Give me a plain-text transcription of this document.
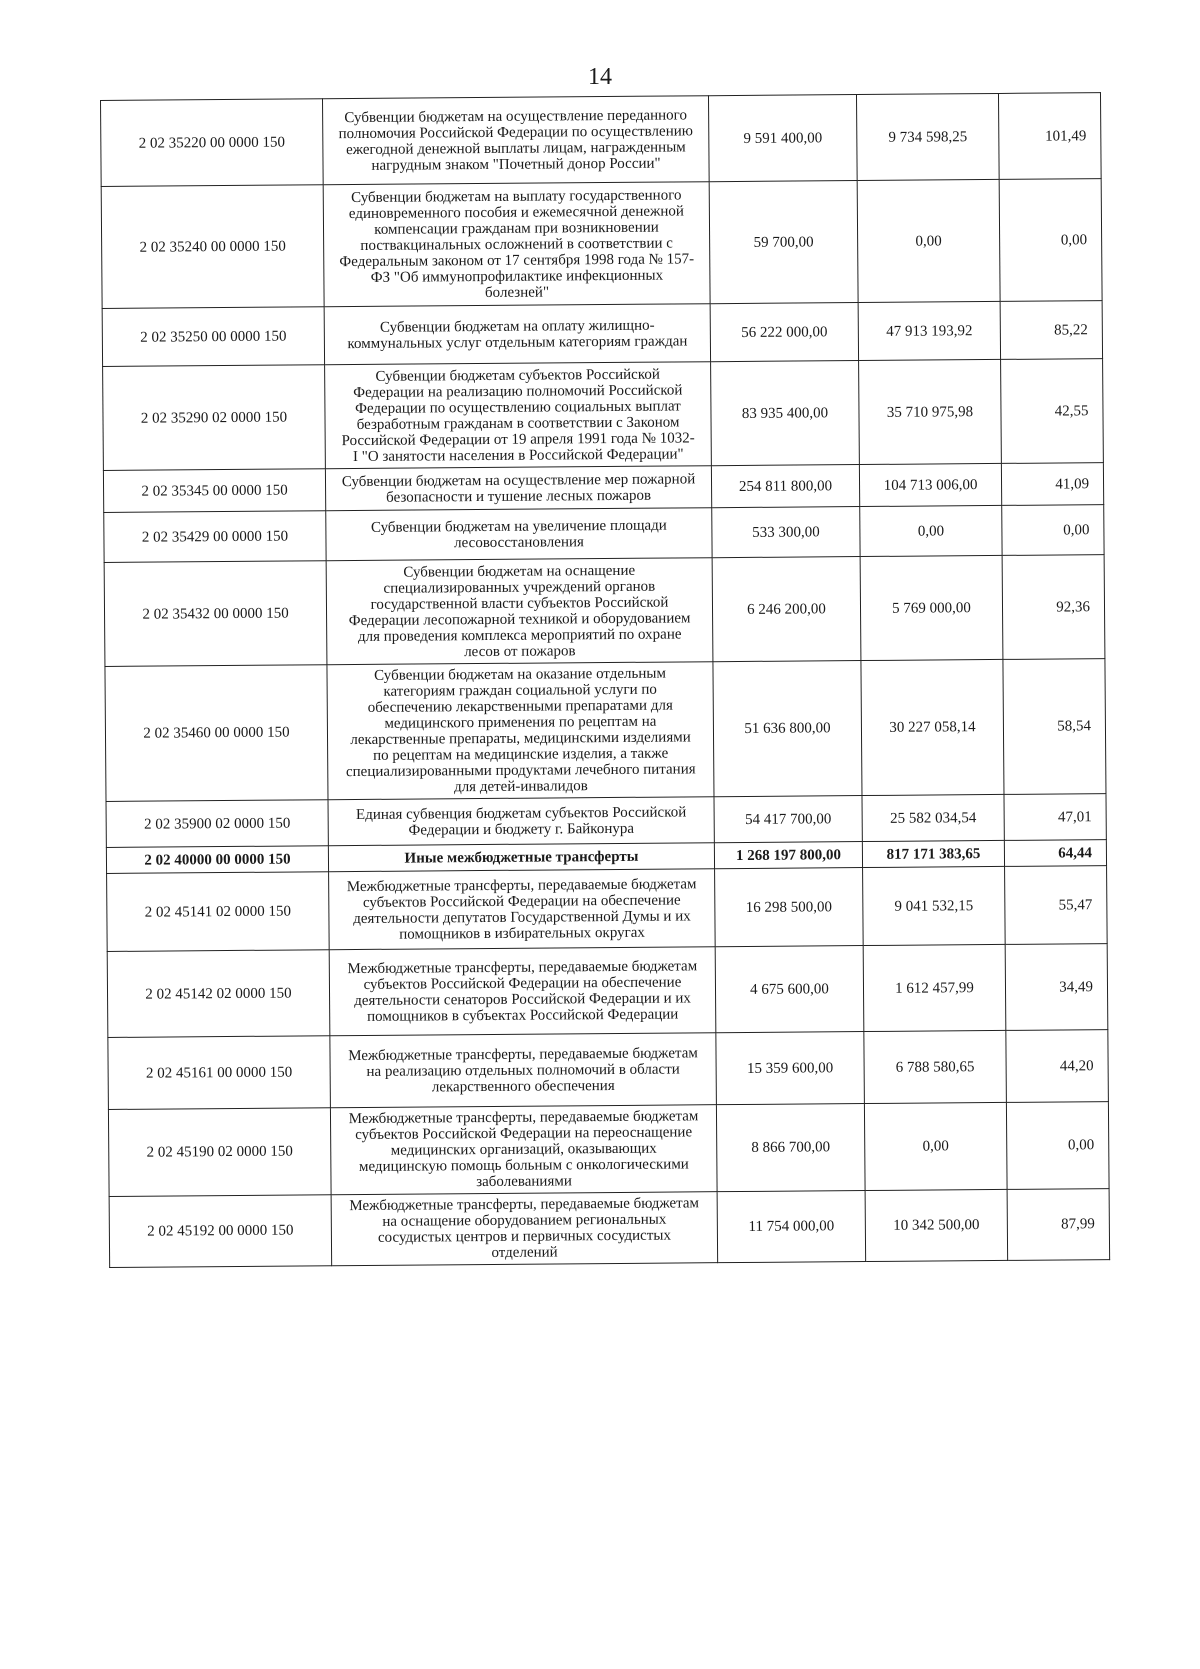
14
2 02 35220 00 0000 150	Субвенции бюджетам на осуществление переданного полномочия Российской Федерации по осуществлению ежегодной денежной выплаты лицам, награжденным нагрудным знаком "Почетный донор России"	9 591 400,00	9 734 598,25	101,49
2 02 35240 00 0000 150	Субвенции бюджетам на выплату государственного единовременного пособия и ежемесячной денежной компенсации гражданам при возникновении поствакцинальных осложнений в соответствии с Федеральным законом от 17 сентября 1998 года № 157-ФЗ "Об иммунопрофилактике инфекционных болезней"	59 700,00	0,00	0,00
2 02 35250 00 0000 150	Субвенции бюджетам на оплату жилищно-коммунальных услуг отдельным категориям граждан	56 222 000,00	47 913 193,92	85,22
2 02 35290 02 0000 150	Субвенции бюджетам субъектов Российской Федерации на реализацию полномочий Российской Федерации по осуществлению социальных выплат безработным гражданам в соответствии с Законом Российской Федерации от 19 апреля 1991 года № 1032-I "О занятости населения в Российской Федерации"	83 935 400,00	35 710 975,98	42,55
2 02 35345 00 0000 150	Субвенции бюджетам на осуществление мер пожарной безопасности и тушение лесных пожаров	254 811 800,00	104 713 006,00	41,09
2 02 35429 00 0000 150	Субвенции бюджетам на увеличение площади лесовосстановления	533 300,00	0,00	0,00
2 02 35432 00 0000 150	Субвенции бюджетам на оснащение специализированных учреждений органов государственной власти субъектов Российской Федерации лесопожарной техникой и оборудованием для проведения комплекса мероприятий по охране лесов от пожаров	6 246 200,00	5 769 000,00	92,36
2 02 35460 00 0000 150	Субвенции бюджетам на оказание отдельным категориям граждан социальной услуги по обеспечению лекарственными препаратами для медицинского применения по рецептам на лекарственные препараты, медицинскими изделиями по рецептам на медицинские изделия, а также специализированными продуктами лечебного питания для детей-инвалидов	51 636 800,00	30 227 058,14	58,54
2 02 35900 02 0000 150	Единая субвенция бюджетам субъектов Российской Федерации и бюджету г. Байконура	54 417 700,00	25 582 034,54	47,01
2 02 40000 00 0000 150	Иные межбюджетные трансферты	1 268 197 800,00	817 171 383,65	64,44
2 02 45141 02 0000 150	Межбюджетные трансферты, передаваемые бюджетам субъектов Российской Федерации на обеспечение деятельности депутатов Государственной Думы и их помощников в избирательных округах	16 298 500,00	9 041 532,15	55,47
2 02 45142 02 0000 150	Межбюджетные трансферты, передаваемые бюджетам субъектов Российской Федерации на обеспечение деятельности сенаторов Российской Федерации и их помощников в субъектах Российской Федерации	4 675 600,00	1 612 457,99	34,49
2 02 45161 00 0000 150	Межбюджетные трансферты, передаваемые бюджетам на реализацию отдельных полномочий в области лекарственного обеспечения	15 359 600,00	6 788 580,65	44,20
2 02 45190 02 0000 150	Межбюджетные трансферты, передаваемые бюджетам субъектов Российской Федерации на переоснащение медицинских организаций, оказывающих медицинскую помощь больным с онкологическими заболеваниями	8 866 700,00	0,00	0,00
2 02 45192 00 0000 150	Межбюджетные трансферты, передаваемые бюджетам на оснащение оборудованием региональных сосудистых центров и первичных сосудистых отделений	11 754 000,00	10 342 500,00	87,99
